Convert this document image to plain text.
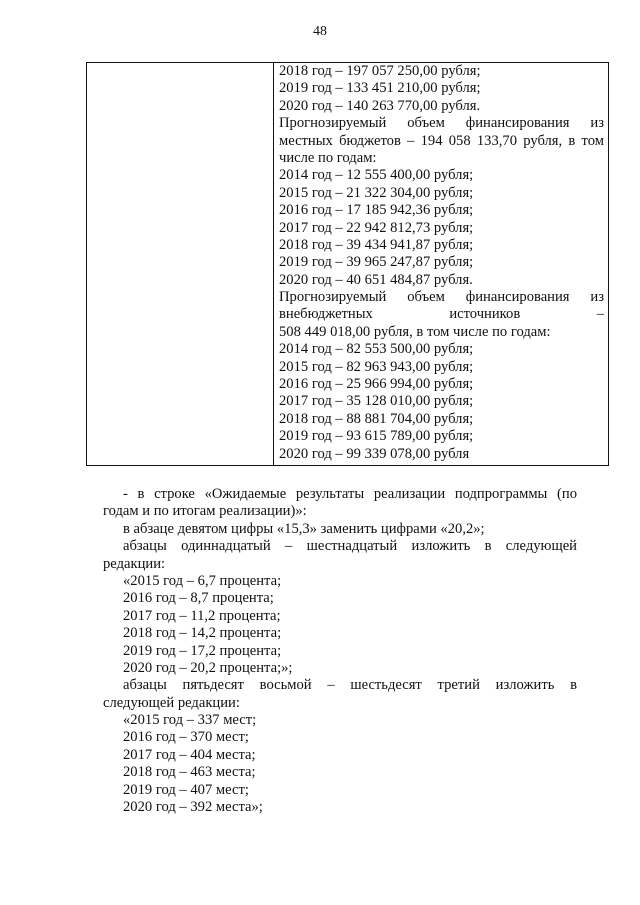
48

2018 год – 197 057 250,00 рубля;
2019 год – 133 451 210,00 рубля;
2020 год – 140 263 770,00 рубля.
Прогнозируемый объем финансирования из
местных бюджетов – 194 058 133,70 рубля, в том
числе по годам:
2014 год – 12 555 400,00 рубля;
2015 год – 21 322 304,00 рубля;
2016 год – 17 185 942,36 рубля;
2017 год – 22 942 812,73 рубля;
2018 год – 39 434 941,87 рубля;
2019 год – 39 965 247,87 рубля;
2020 год – 40 651 484,87 рубля.
Прогнозируемый объем финансирования из
внебюджетных	источников	–
508 449 018,00 рубля, в том числе по годам:
2014 год – 82 553 500,00 рубля;
2015 год – 82 963 943,00 рубля;
2016 год – 25 966 994,00 рубля;
2017 год – 35 128 010,00 рубля;
2018 год – 88 881 704,00 рубля;
2019 год – 93 615 789,00 рубля;
2020 год – 99 339 078,00 рубля
- в строке «Ожидаемые результаты реализации подпрограммы (по
годам и по итогам реализации)»:
в абзаце девятом цифры «15,3» заменить цифрами «20,2»;
абзацы одиннадцатый – шестнадцатый изложить в следующей
редакции:
«2015 год – 6,7 процента;
2016 год – 8,7 процента;
2017 год – 11,2 процента;
2018 год – 14,2 процента;
2019 год – 17,2 процента;
2020 год – 20,2 процента;»;
абзацы пятьдесят восьмой – шестьдесят третий изложить в
следующей редакции:
«2015 год – 337 мест;
2016 год – 370 мест;
2017 год – 404 места;
2018 год – 463 места;
2019 год – 407 мест;
2020 год – 392 места»;
